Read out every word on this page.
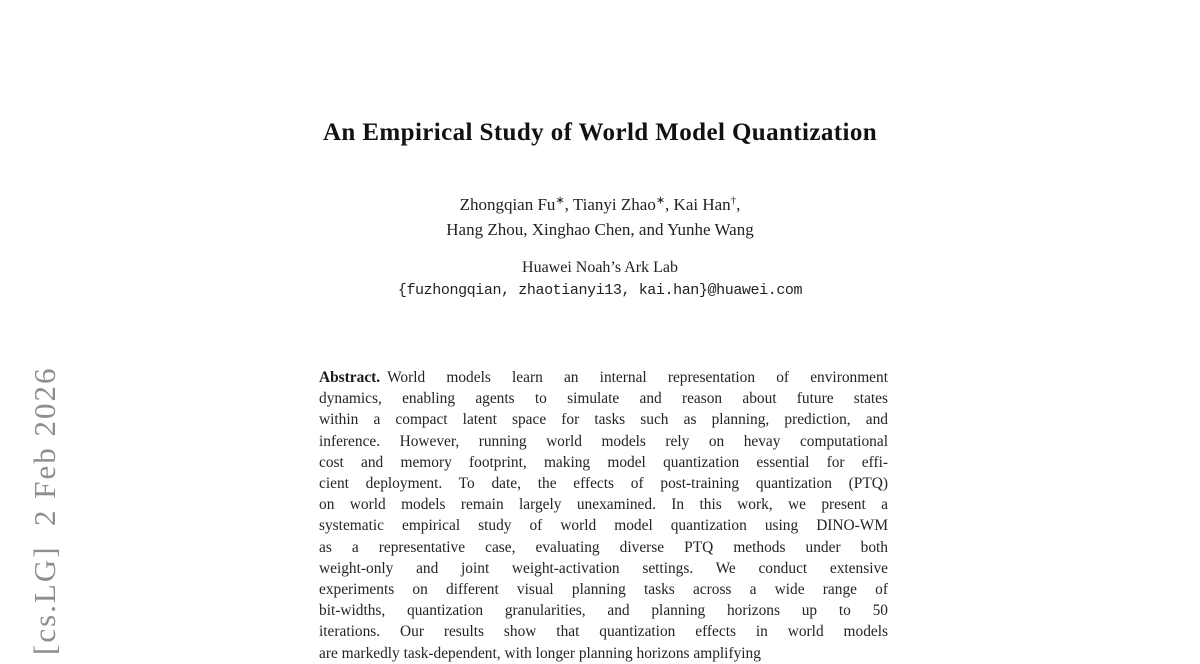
[cs.LG]  2 Feb 2026
An Empirical Study of World Model Quantization
Zhongqian Fu∗, Tianyi Zhao∗, Kai Han†,
Hang Zhou, Xinghao Chen, and Yunhe Wang
Huawei Noah’s Ark Lab
{fuzhongqian, zhaotianyi13, kai.han}@huawei.com
Abstract. World models learn an internal representation of environment
dynamics, enabling agents to simulate and reason about future states
within a compact latent space for tasks such as planning, prediction, and
inference. However, running world models rely on hevay computational
cost and memory footprint, making model quantization essential for effi-
cient deployment. To date, the effects of post-training quantization (PTQ)
on world models remain largely unexamined. In this work, we present a
systematic empirical study of world model quantization using DINO-WM
as a representative case, evaluating diverse PTQ methods under both
weight-only and joint weight-activation settings. We conduct extensive
experiments on different visual planning tasks across a wide range of
bit-widths, quantization granularities, and planning horizons up to 50
iterations. Our results show that quantization effects in world models
are markedly task-dependent, with longer planning horizons amplifying
